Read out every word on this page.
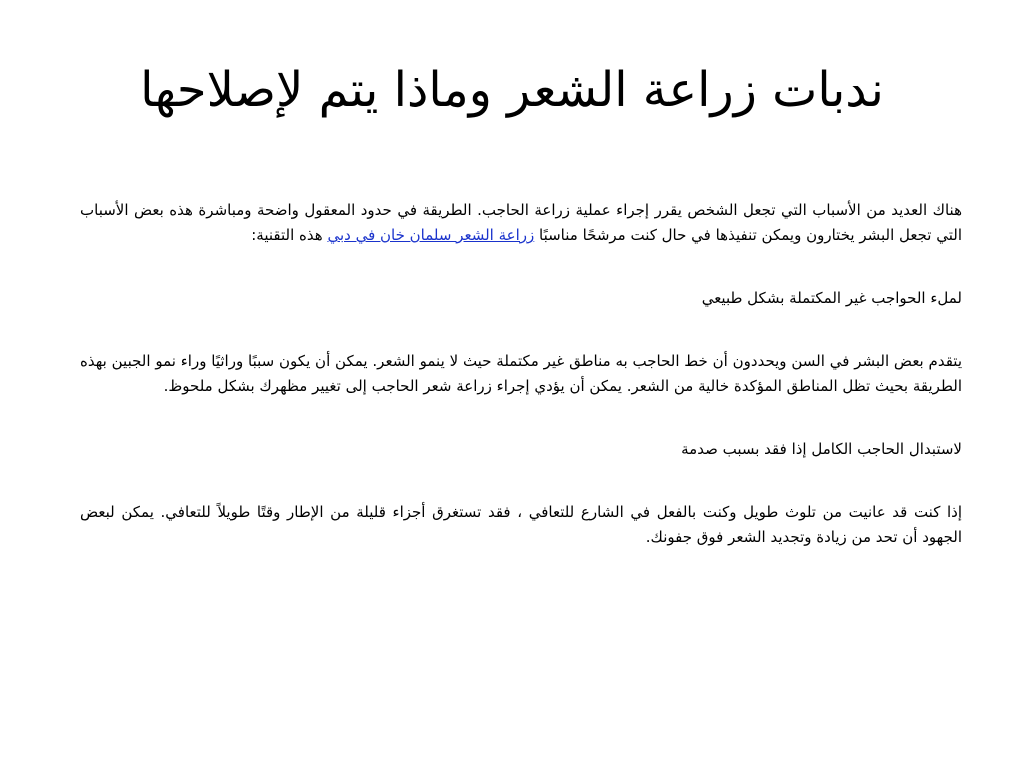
ندبات زراعة الشعر وماذا يتم لإصلاحها

هناك العديد من الأسباب التي تجعل الشخص يقرر إجراء عملية زراعة الحاجب. الطريقة في حدود المعقول واضحة ومباشرة هذه بعض الأسباب التي تجعل البشر يختارون ويمكن تنفيذها في حال كنت مرشحًا مناسبًا زراعة الشعر سلمان خان في دبي هذه التقنية:

لملء الحواجب غير المكتملة بشكل طبيعي

يتقدم بعض البشر في السن ويحددون أن خط الحاجب به مناطق غير مكتملة حيث لا ينمو الشعر. يمكن أن يكون سببًا وراثيًا وراء نمو الجبين بهذه الطريقة بحيث تظل المناطق المؤكدة خالية من الشعر. يمكن أن يؤدي إجراء زراعة شعر الحاجب إلى تغيير مظهرك بشكل ملحوظ.

لاستبدال الحاجب الكامل إذا فقد بسبب صدمة

إذا كنت قد عانيت من تلوث طويل وكنت بالفعل في الشارع للتعافي ، فقد تستغرق أجزاء قليلة من الإطار وقتًا طويلاً للتعافي. يمكن لبعض الجهود أن تحد من زيادة وتجديد الشعر فوق جفونك.
